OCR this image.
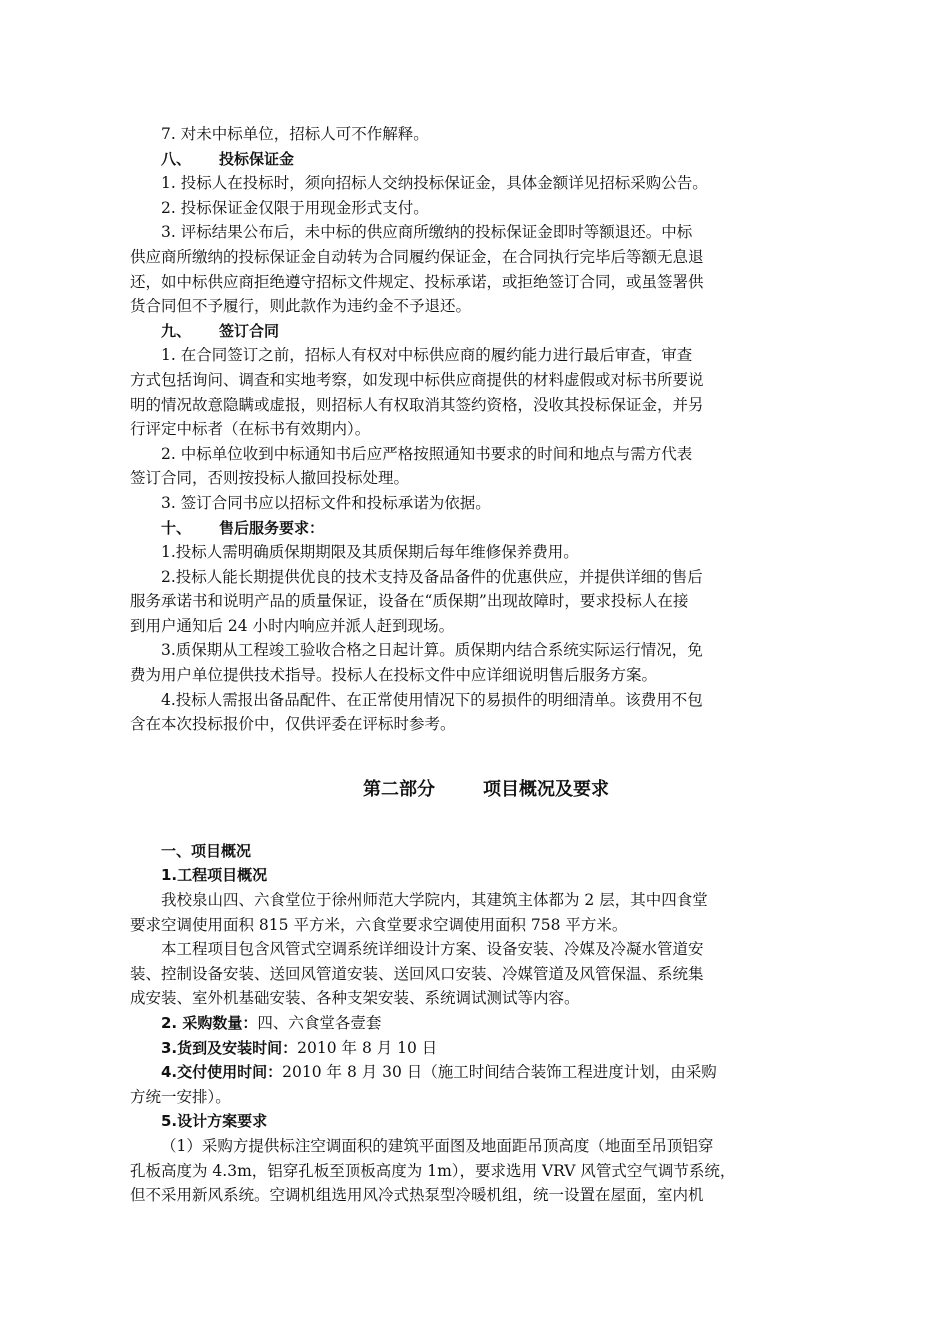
7. 对未中标单位，招标人可不作解释。
八、 投标保证金
1. 投标人在投标时，须向招标人交纳投标保证金，具体金额详见招标采购公告。
2. 投标保证金仅限于用现金形式支付。
3. 评标结果公布后，未中标的供应商所缴纳的投标保证金即时等额退还。中标
供应商所缴纳的投标保证金自动转为合同履约保证金，在合同执行完毕后等额无息退
还，如中标供应商拒绝遵守招标文件规定、投标承诺，或拒绝签订合同，或虽签署供
货合同但不予履行，则此款作为违约金不予退还。
九、 签订合同
1. 在合同签订之前，招标人有权对中标供应商的履约能力进行最后审查，审查
方式包括询问、调查和实地考察，如发现中标供应商提供的材料虚假或对标书所要说
明的情况故意隐瞒或虚报，则招标人有权取消其签约资格，没收其投标保证金，并另
行评定中标者（在标书有效期内）。
2. 中标单位收到中标通知书后应严格按照通知书要求的时间和地点与需方代表
签订合同，否则按投标人撤回投标处理。
3. 签订合同书应以招标文件和投标承诺为依据。
十、 售后服务要求：
1.投标人需明确质保期期限及其质保期后每年维修保养费用。
2.投标人能长期提供优良的技术支持及备品备件的优惠供应，并提供详细的售后
服务承诺书和说明产品的质量保证，设备在“质保期”出现故障时，要求投标人在接
到用户通知后 24 小时内响应并派人赶到现场。
3.质保期从工程竣工验收合格之日起计算。质保期内结合系统实际运行情况，免
费为用户单位提供技术指导。投标人在投标文件中应详细说明售后服务方案。
4.投标人需报出备品配件、在正常使用情况下的易损件的明细清单。该费用不包
含在本次投标报价中，仅供评委在评标时参考。
第二部分	项目概况及要求
一、项目概况
1.工程项目概况
我校泉山四、六食堂位于徐州师范大学院内，其建筑主体都为 2 层，其中四食堂
要求空调使用面积 815 平方米，六食堂要求空调使用面积 758 平方米。
本工程项目包含风管式空调系统详细设计方案、设备安装、冷媒及冷凝水管道安
装、控制设备安装、送回风管道安装、送回风口安装、冷媒管道及风管保温、系统集
成安装、室外机基础安装、各种支架安装、系统调试测试等内容。
2. 采购数量：四、六食堂各壹套
3.货到及安装时间：2010 年 8 月 10 日
4.交付使用时间：2010 年 8 月 30 日（施工时间结合装饰工程进度计划，由采购
方统一安排）。
5.设计方案要求
（1）采购方提供标注空调面积的建筑平面图及地面距吊顶高度（地面至吊顶铝穿
孔板高度为 4.3m，铝穿孔板至顶板高度为 1m），要求选用 VRV 风管式空气调节系统，
但不采用新风系统。空调机组选用风冷式热泵型冷暖机组，统一设置在屋面，室内机
